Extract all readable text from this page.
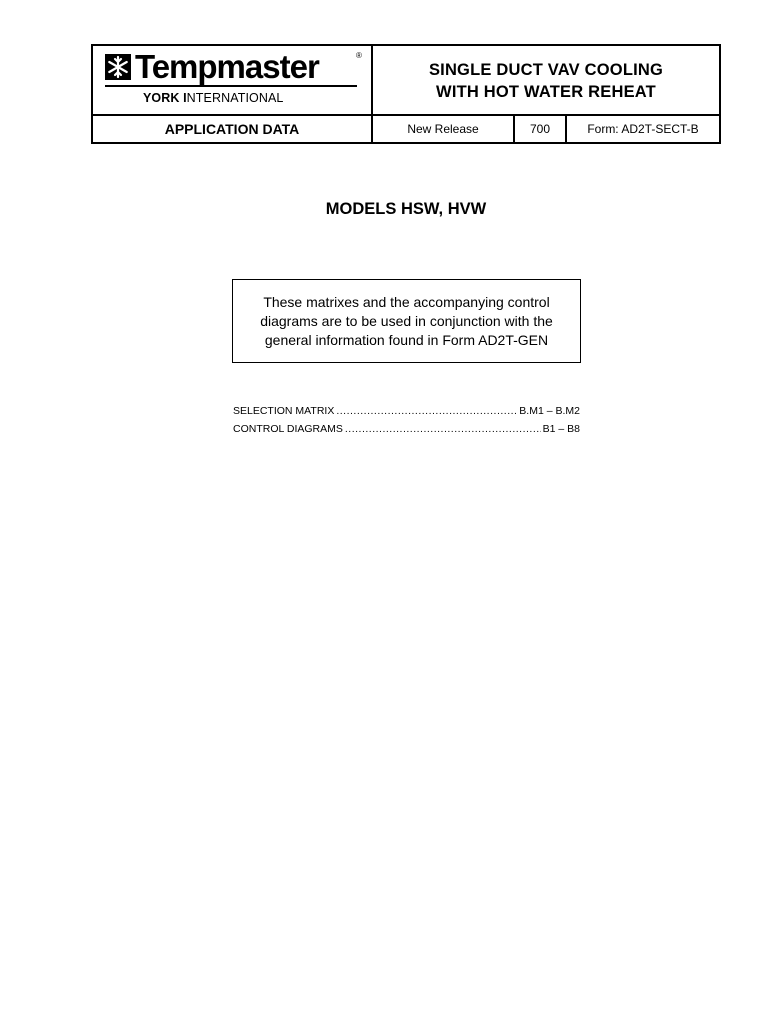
Tempmaster	®
YORK INTERNATIONAL
SINGLE DUCT VAV COOLING
WITH HOT WATER REHEAT
APPLICATION DATA	New Release	700	Form: AD2T-SECT-B
MODELS HSW, HVW
These matrixes and the accompanying control diagrams are to be used in conjunction with the general information found in Form AD2T-GEN
SELECTION MATRIX .....	B.M1 – B.M2
CONTROL DIAGRAMS .....	B1 – B8
